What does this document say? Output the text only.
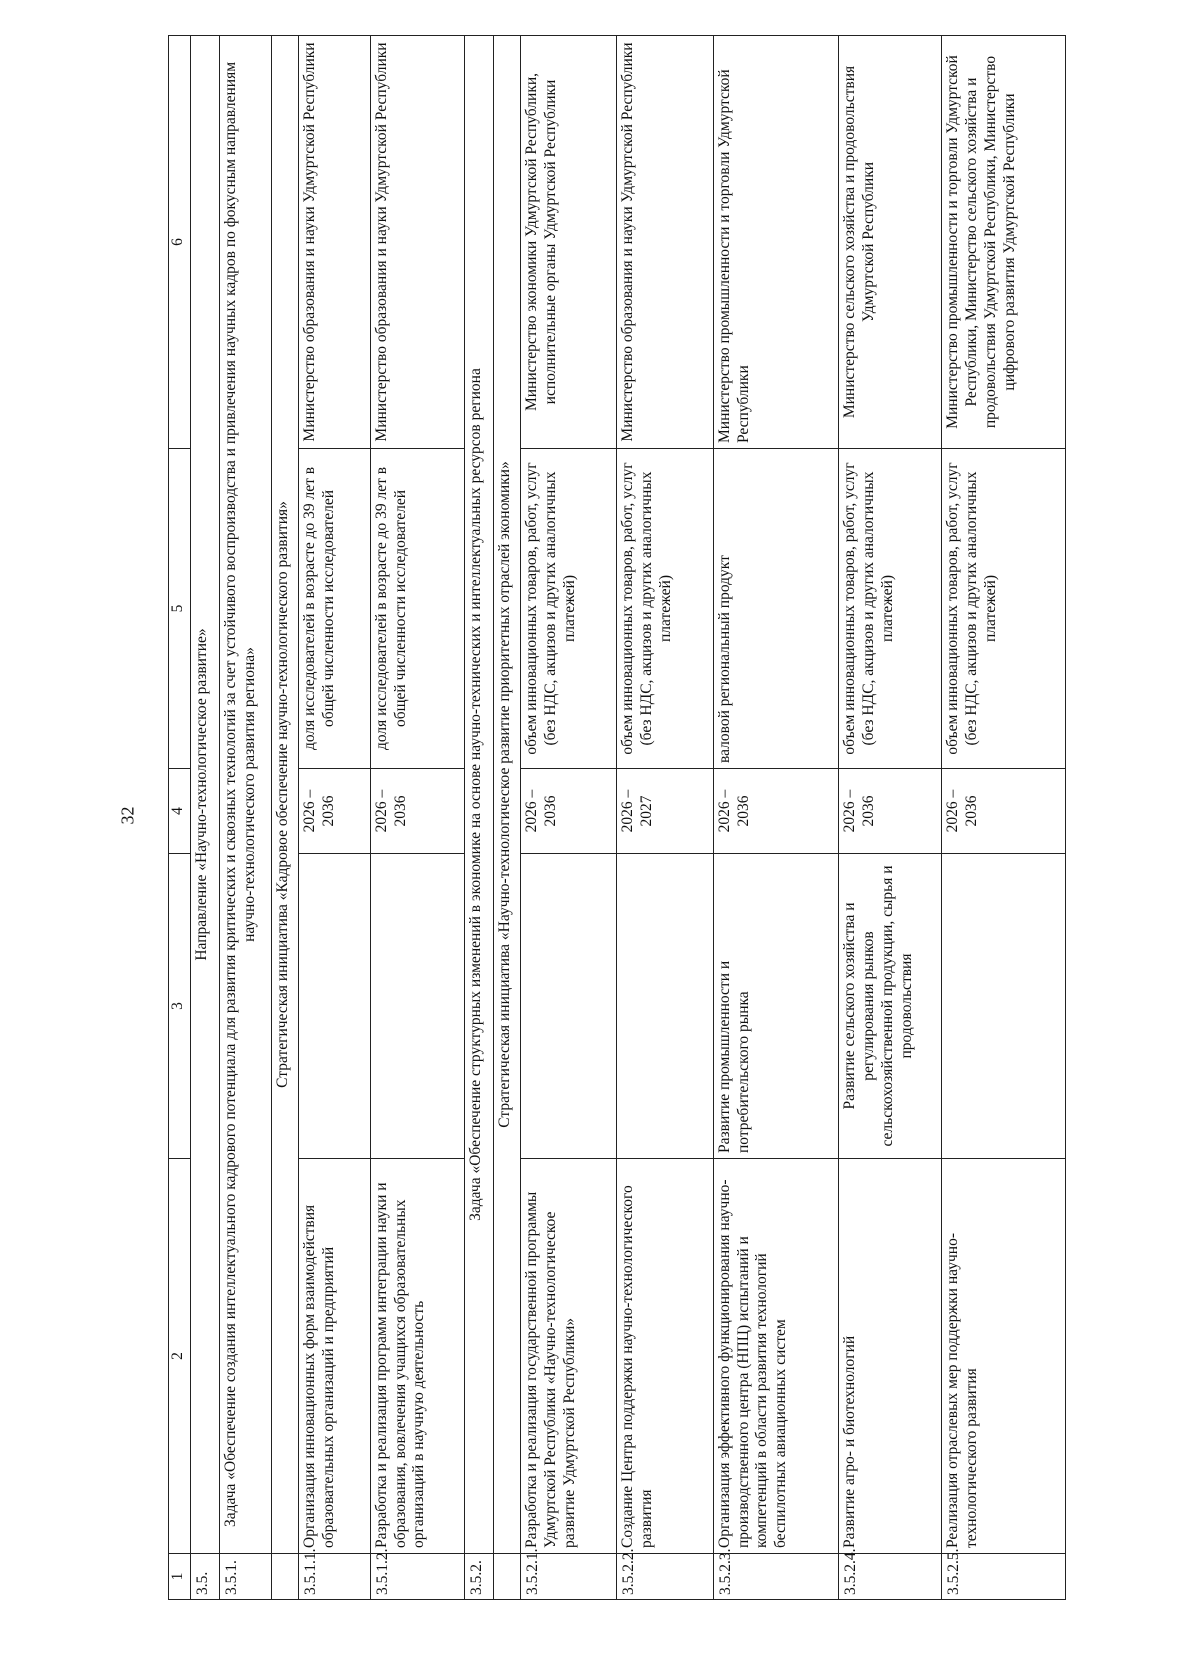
32
1	2	3	4	5	6
3.5.	Направление «Научно-технологическое развитие»				
3.5.1.	Задача «Обеспечение создания интеллектуального кадрового потенциала для развития критических и сквозных технологий за счет устойчивого воспроизводства и привлечения научных кадров по фокусным направлениям научно-технологического развития региона»				
	Стратегическая инициатива «Кадровое обеспечение научно-технологического развития»				
3.5.1.1.	Организация инновационных форм взаимодействия образовательных организаций и предприятий		2026 – 2036	доля исследователей в возрасте до 39 лет в общей численности исследователей	Министерство образования и науки Удмуртской Республики
3.5.1.2.	Разработка и реализация программ интеграции науки и образования, вовлечения учащихся образовательных организаций в научную деятельность		2026 – 2036	доля исследователей в возрасте до 39 лет в общей численности исследователей	Министерство образования и науки Удмуртской Республики
3.5.2.	Задача «Обеспечение структурных изменений в экономике на основе научно-технических и интеллектуальных ресурсов региона				
	Стратегическая инициатива «Научно-технологическое развитие приоритетных отраслей экономики»				
3.5.2.1.	Разработка и реализация государственной программы Удмуртской Республики «Научно-технологическое развитие Удмуртской Республики»		2026 – 2036	объем инновационных товаров, работ, услуг (без НДС, акцизов и других аналогичных платежей)	Министерство экономики Удмуртской Республики, исполнительные органы Удмуртской Республики
3.5.2.2.	Создание Центра поддержки научно-технологического развития		2026 – 2027	объем инновационных товаров, работ, услуг (без НДС, акцизов и других аналогичных платежей)	Министерство образования и науки Удмуртской Республики
3.5.2.3.	Организация эффективного функционирования научно-производственного центра (НПЦ) испытаний и компетенций в области развития технологий беспилотных авиационных систем	Развитие промышленности и потребительского рынка	2026 – 2036	валовой региональный продукт	Министерство промышленности и торговли Удмуртской Республики
3.5.2.4.	Развитие агро- и биотехнологий	Развитие сельского хозяйства и регулирования рынков сельскохозяйственной продукции, сырья и продовольствия	2026 – 2036	объем инновационных товаров, работ, услуг (без НДС, акцизов и других аналогичных платежей)	Министерство сельского хозяйства и продовольствия Удмуртской Республики
3.5.2.5.	Реализация отраслевых мер поддержки научно-технологического развития		2026 – 2036	объем инновационных товаров, работ, услуг (без НДС, акцизов и других аналогичных платежей)	Министерство промышленности и торговли Удмуртской Республики, Министерство сельского хозяйства и продовольствия Удмуртской Республики, Министерство цифрового развития Удмуртской Республики
